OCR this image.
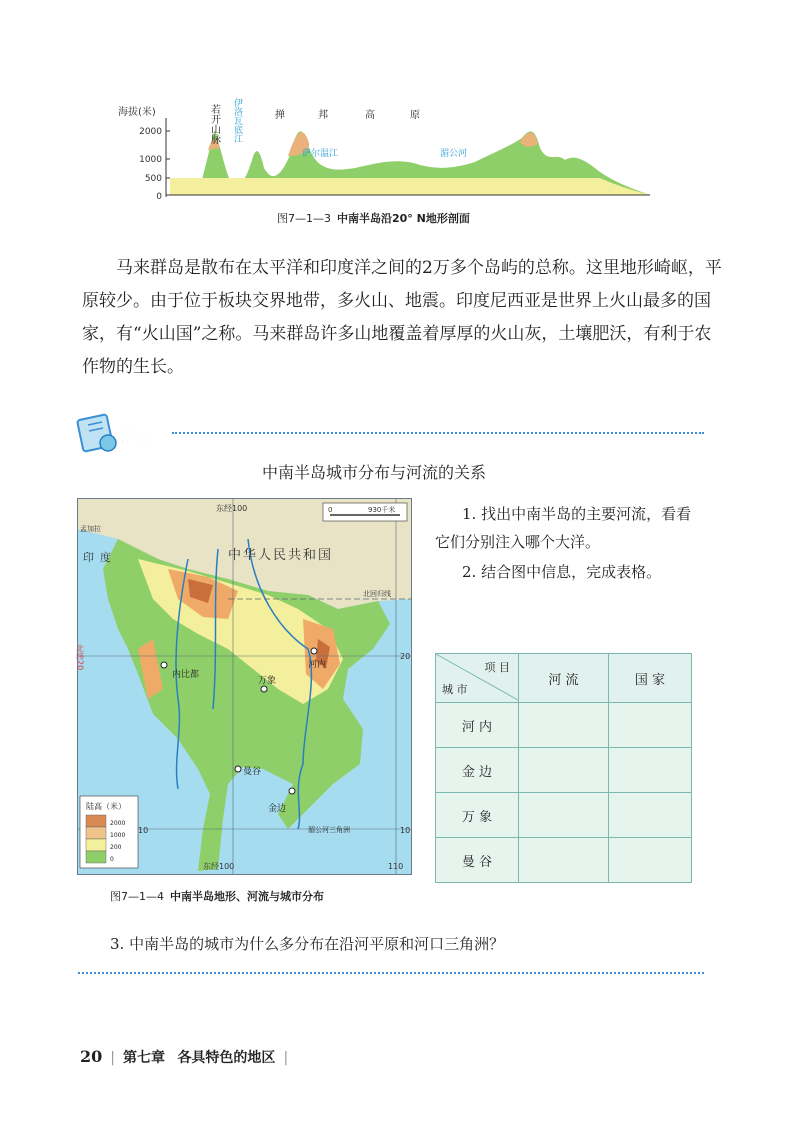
海拔(米)
2000
1000
500
0
若开山脉 伊洛瓦底江	掸	邦	高	原
萨尔温江	湄公河
图7—1—3 中南半岛沿20° N地形剖面

马来群岛是散布在太平洋和印度洋之间的2万多个岛屿的总称。这里地形崎岖，平原较少。由于位于板块交界地带，多火山、地震。印度尼西亚是世界上火山最多的国家，有“火山国”之称。马来群岛许多山地覆盖着厚厚的火山灰，土壤肥沃，有利于农作物的生长。

活动
中南半岛城市分布与河流的关系
东经100
东经100	110
20
10	10
北纬20
0	930千米
中华人民共和国
印度
孟加拉
北回归线
河内
内比都
万象
曼谷
金边
湄公河三角洲
陆高（米）
2000
1000
200
0
图7—1—4 中南半岛地形、河流与城市分布
1. 找出中南半岛的主要河流，看看它们分别注入哪个大洋。
2. 结合图中信息，完成表格。
项 目
城 市	河 流	国 家
河 内		
金 边		
万 象		
曼 谷		
3. 中南半岛的城市为什么多分布在沿河平原和河口三角洲？
20 | 第七章 各具特色的地区 |
